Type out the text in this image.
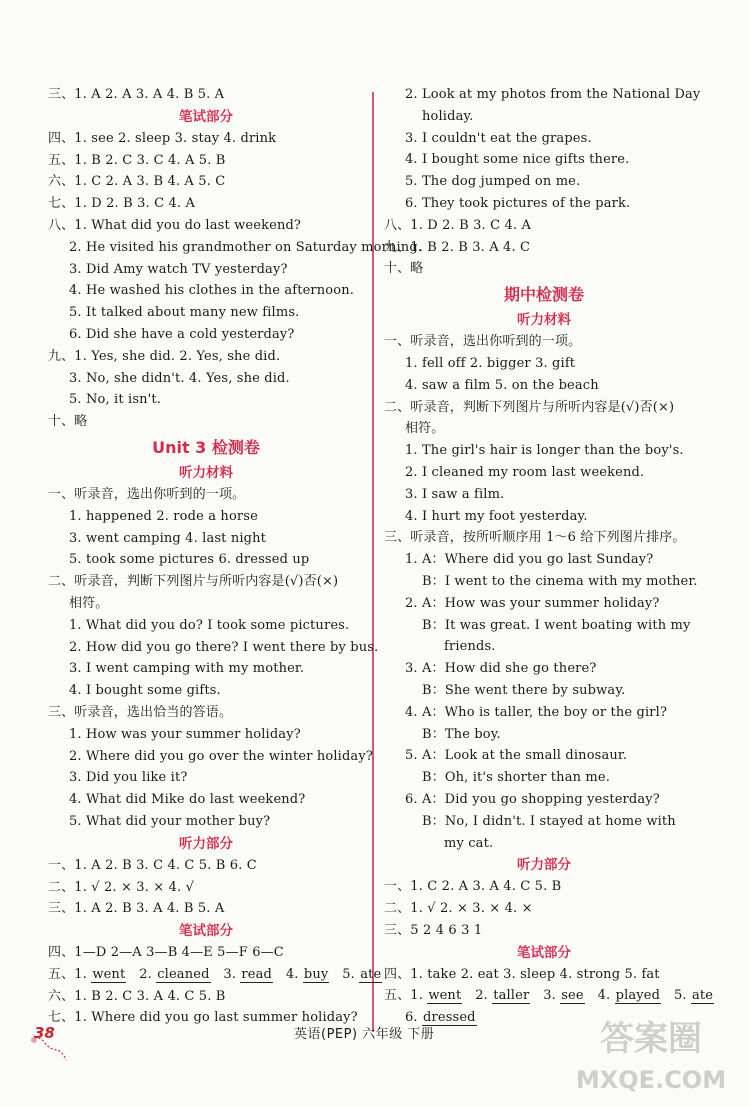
三、1. A 2. A 3. A 4. B 5. A
笔试部分
四、1. see 2. sleep 3. stay 4. drink
五、1. B 2. C 3. C 4. A 5. B
六、1. C 2. A 3. B 4. A 5. C
七、1. D 2. B 3. C 4. A
八、1. What did you do last weekend?
2. He visited his grandmother on Saturday morning.
3. Did Amy watch TV yesterday?
4. He washed his clothes in the afternoon.
5. It talked about many new films.
6. Did she have a cold yesterday?
九、1. Yes, she did. 2. Yes, she did.
3. No, she didn't. 4. Yes, she did.
5. No, it isn't.
十、略
Unit 3 检测卷
听力材料
一、听录音，选出你听到的一项。
1. happened 2. rode a horse
3. went camping 4. last night
5. took some pictures 6. dressed up
二、听录音，判断下列图片与所听内容是(√)否(×)
相符。
1. What did you do? I took some pictures.
2. How did you go there? I went there by bus.
3. I went camping with my mother.
4. I bought some gifts.
三、听录音，选出恰当的答语。
1. How was your summer holiday?
2. Where did you go over the winter holiday?
3. Did you like it?
4. What did Mike do last weekend?
5. What did your mother buy?
听力部分
一、1. A 2. B 3. C 4. C 5. B 6. C
二、1. √ 2. × 3. × 4. √
三、1. A 2. B 3. A 4. B 5. A
笔试部分
四、1—D 2—A 3—B 4—E 5—F 6—C
五、1. went 2. cleaned 3. read 4. buy 5. ate
六、1. B 2. C 3. A 4. C 5. B
七、1. Where did you go last summer holiday?
2. Look at my photos from the National Day
holiday.
3. I couldn't eat the grapes.
4. I bought some nice gifts there.
5. The dog jumped on me.
6. They took pictures of the park.
八、1. D 2. B 3. C 4. A
九、1. B 2. B 3. A 4. C
十、略
期中检测卷
听力材料
一、听录音，选出你听到的一项。
1. fell off 2. bigger 3. gift
4. saw a film 5. on the beach
二、听录音，判断下列图片与所听内容是(√)否(×)
相符。
1. The girl's hair is longer than the boy's.
2. I cleaned my room last weekend.
3. I saw a film.
4. I hurt my foot yesterday.
三、听录音，按所听顺序用 1～6 给下列图片排序。
1. A：Where did you go last Sunday?
B：I went to the cinema with my mother.
2. A：How was your summer holiday?
B：It was great. I went boating with my
friends.
3. A：How did she go there?
B：She went there by subway.
4. A：Who is taller, the boy or the girl?
B：The boy.
5. A：Look at the small dinosaur.
B：Oh, it's shorter than me.
6. A：Did you go shopping yesterday?
B：No, I didn't. I stayed at home with
my cat.
听力部分
一、1. C 2. A 3. A 4. C 5. B
二、1. √ 2. × 3. × 4. ×
三、5 2 4 6 3 1
笔试部分
四、1. take 2. eat 3. sleep 4. strong 5. fat
五、1. went 2. taller 3. see 4. played 5. ate
6. dressed
38	英语(PEP) 六年级 下册	答案圈
MXQE.COM
